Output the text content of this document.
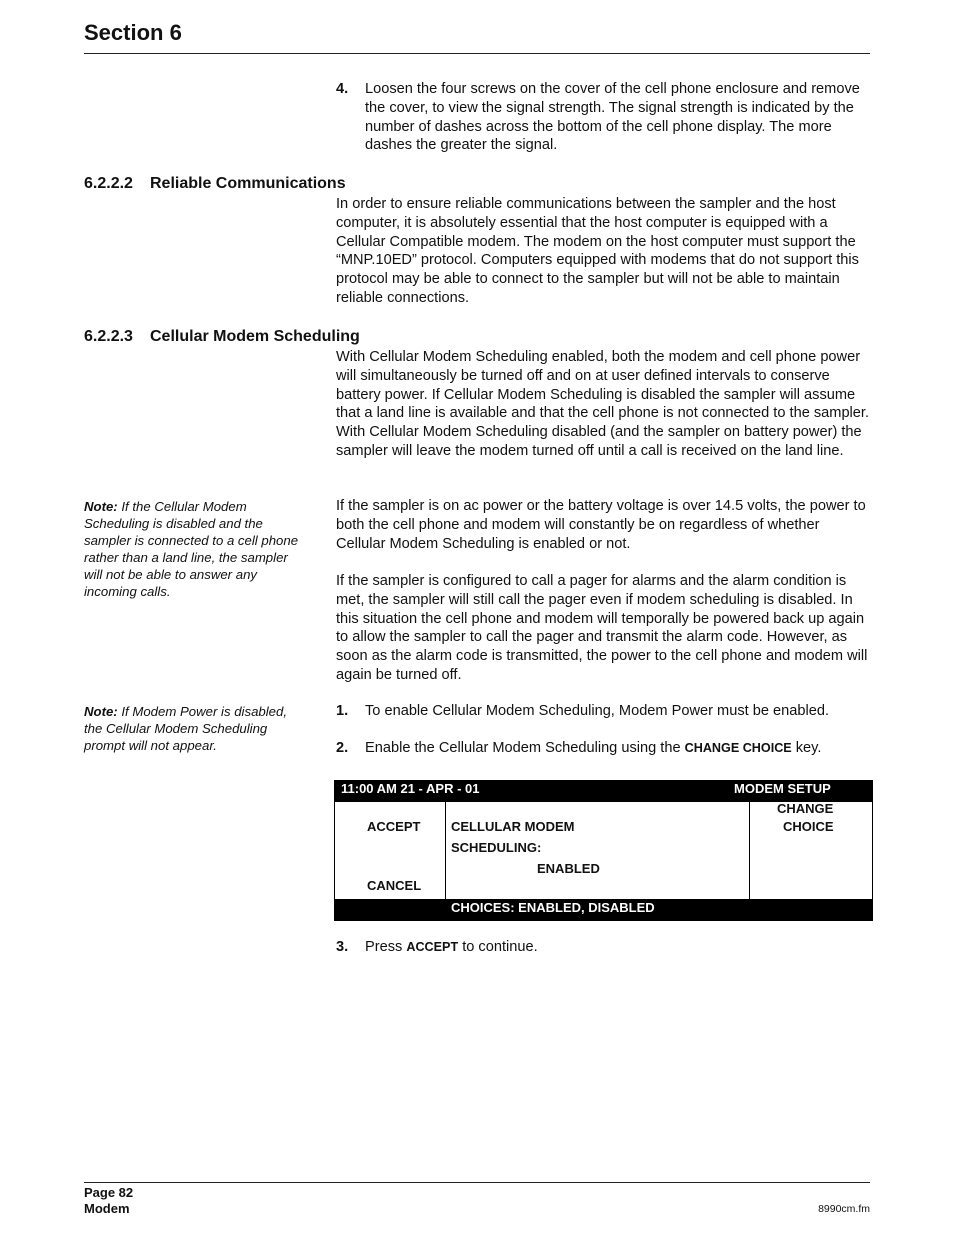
Section 6
4. Loosen the four screws on the cover of the cell phone enclosure and remove the cover, to view the signal strength. The signal strength is indicated by the number of dashes across the bottom of the cell phone display. The more dashes the greater the signal.
6.2.2.2 Reliable Communications
In order to ensure reliable communications between the sampler and the host computer, it is absolutely essential that the host computer is equipped with a Cellular Compatible modem. The modem on the host computer must support the “MNP.10ED” protocol. Computers equipped with modems that do not support this protocol may be able to connect to the sampler but will not be able to maintain reliable connections.
6.2.2.3 Cellular Modem Scheduling
With Cellular Modem Scheduling enabled, both the modem and cell phone power will simultaneously be turned off and on at user defined intervals to conserve battery power. If Cellular Modem Scheduling is disabled the sampler will assume that a land line is available and that the cell phone is not connected to the sampler. With Cellular Modem Scheduling disabled (and the sampler on battery power) the sampler will leave the modem turned off until a call is received on the land line.
If the sampler is on ac power or the battery voltage is over 14.5 volts, the power to both the cell phone and modem will constantly be on regardless of whether Cellular Modem Scheduling is enabled or not.
If the sampler is configured to call a pager for alarms and the alarm condition is met, the sampler will still call the pager even if modem scheduling is disabled. In this situation the cell phone and modem will temporally be powered back up again to allow the sampler to call the pager and transmit the alarm code. However, as soon as the alarm code is transmitted, the power to the cell phone and modem will again be turned off.
Note: If the Cellular Modem Scheduling is disabled and the sampler is connected to a cell phone rather than a land line, the sampler will not be able to answer any incoming calls.
Note: If Modem Power is disabled, the Cellular Modem Scheduling prompt will not appear.
1. To enable Cellular Modem Scheduling, Modem Power must be enabled.
2. Enable the Cellular Modem Scheduling using the CHANGE CHOICE key.
11:00 AM 21 - APR - 01	MODEM SETUP
ACCEPT
CANCEL
CELLULAR MODEM
SCHEDULING:
ENABLED
CHANGE
CHOICE
CHOICES: ENABLED, DISABLED
3. Press ACCEPT to continue.
Page 82
Modem	8990cm.fm
